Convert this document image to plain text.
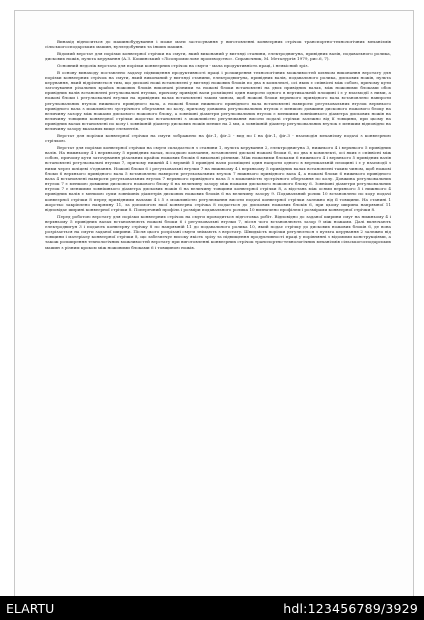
Винахід відноситься до машинобудування і може мати застосування у виготовленні конвеєрних стрічок транспортно-технологічних механізмів сільськогосподарських машин, вулледобувних та інших машин.

Відомий верстат для порізки конвеєрної стрічки на смуги, який виконаний у вигляді станини, електродвигуна, привідних валів, подавального ролика, дискових ножів, пульта керування (А.З. Кошинський «Лісопромислове производство». Справочник, М. Металургія 1979, рис.6, 7).

Основний недолік верстата для порізки конвеєрних стрічок на смуги - мала продуктивність праці, і неякісний зріз.

В основу винаходу поставлено задачу підвищення продуктивності праці і розширення технологічних можливостей шляхом виконання верстату для порізки конвеєрних стрічок на смуги, який виконаний у вигляді станини, електродвигуна, привідних валів, подавального ролика, дискових ножів, пульта керування, який відрізняється тим, що дискові ножі встановлені у вигляді ножових блоків по два в комплекті, осі яких є співвісні між собою, причому кути заточування різальних крайок ножових блоків виконані різними та ножові блоки встановлені на двох привідних валах, між ножовими блоками обох привідних валів встановлені регульовальні втулки, причому привідні вали розміщені один напроти одного в вертикальній площині і є у взаємодії з ними, а ножові блоки і регульовальні втулки на привідних валах встановлені таким чином, щоб ножові блоки верхнього привідного вала встановлено навпроти регульовальних втулок нижнього привідного вала, а ножові блоки нижнього привідного вала встановлені навпроти регульовальних втулок верхнього привідного вала з можливістю зустрічного обертання по колу, причому довжина регульовальних втулок є меншою довжини дискового ножового блоку на величину зазору між ножами дискового ножового блоку, а зовнішні діаметри регульовальних втулок є меншими зовнішнього діаметра дискових ножів на величину товщини конвеєрної стрічки жорстко встановлені з можливістю регулювання висоти подачі стрічки залежно від її товщини, при цьому на привідних валах встановлені по колу і зовнішній діаметр дискових ножів менше на 2 мм, а зовнішній діаметр регульовальних втулок є меншим відповідно на величину зазору вказаних вище елементів.

Верстат для порізки конвеєрної стрічки на смуги зображено на фіг.1, фіг.2 - вид по І на фіг.1, фіг.3 - взаємодія механізму подачі з конвеєрною стрічкою.

Верстат для порізки конвеєрної стрічки на смуги складається з станини 1, пульта керування 2, електродвигуна 3, нижнього 4 і верхнього 5 привідних валів. На нижньому 4 і верхньому 5 привідних валах, посадкою ковзання, встановлені дискові ножові блоки 6, по два в комплекті, осі яких є співвісні між собою, причому кути заточування різальних крайок ножових блоків 6 виконані різними. Між ножовими блоками 6 нижнього 4 і верхнього 5 привідних валів встановлені регульовальні втулки 7, причому нижній 4 і верхній 5 привідні вали розміщені один напроти одного в вертикальній площині і є у взаємодії з ними через шліцеві з'єднання. Ножові блоки 6 і регульовальні втулки 7 на нижньому 4 і верхньому 5 привідних валах встановлені таким чином, щоб ножові блоки 6 верхнього привідного вала 5 встановлено навпроти регульовальних втулок 7 нижнього привідного вала 4, а ножові блоки 6 нижнього привідного вала 4 встановлені навпроти регульовальних втулок 7 верхнього привідного вала 5 з можливістю зустрічного обертання по колу. Довжина регульовальних втулок 7 є меншою довжини дискового ножового блоку 6 на величину зазору між ножами дискового ножового блоку 6. Зовнішні діаметри регульовальних втулок 7 є меншими зовнішнього діаметра дискових ножів 6 на величину товщини конвеєрної стрічки 8, а відстань між осями верхнього 5 і нижнього 4 привідних валів є меншою суми зовнішніх діаметрів дискових ножових блоків 6 на величину зазору 9. Подавальний ролик 10 встановлено по ходу подачі конвеєрної стрічки 8 перед привідними валами 4 і 5 з можливістю регулювання висоти подачі конвеєрної стрічки залежно від її товщини. На станині 1 жорстко закріплено напрямну 11, за допомогою якої конвеєрна стрічка 8 подається до дискових ножових блоків 6, при цьому ширина напрямної 11 відповідає ширині конвеєрної стрічки 8. Поперечний профіль і розміри подавального ролика 10 визначено профілем і розмірами конвеєрної стрічки 8.

Перед роботою верстату для порізки конвеєрних стрічок на смуги проводиться підготовка робіт. Відповідно до заданої ширини смуг на нижньому 4 і верхньому 5 привідних валах встановлюють ножові блоки 6 і регульовальні втулки 7, після чого встановлюють зазор 9 між ножами. Далі включають електродвигун 3 і подають конвеєрну стрічку 8 по напрямній 11 до подавального ролика 10, який подає стрічку до дискових ножових блоків 6, де вона розрізається на смуги заданої ширини. Після цього розрізані смуги знімають з верстату. Швидкість порізки регулюється з пульта керування 2 залежно від товщини і матеріалу конвеєрної стрічки 8, що забезпечує високу якість зрізу та підвищення продуктивності праці у порівнянні з відомими конструкціями, а також розширення технологічних можливостей верстату при виготовленні конвеєрних стрічок транспортно-технологічних механізмів сільськогосподарських машин з різним кроком між ножовими блоками 6 і товщиною ножів.

ELARTU	hdl:123456789/3929
